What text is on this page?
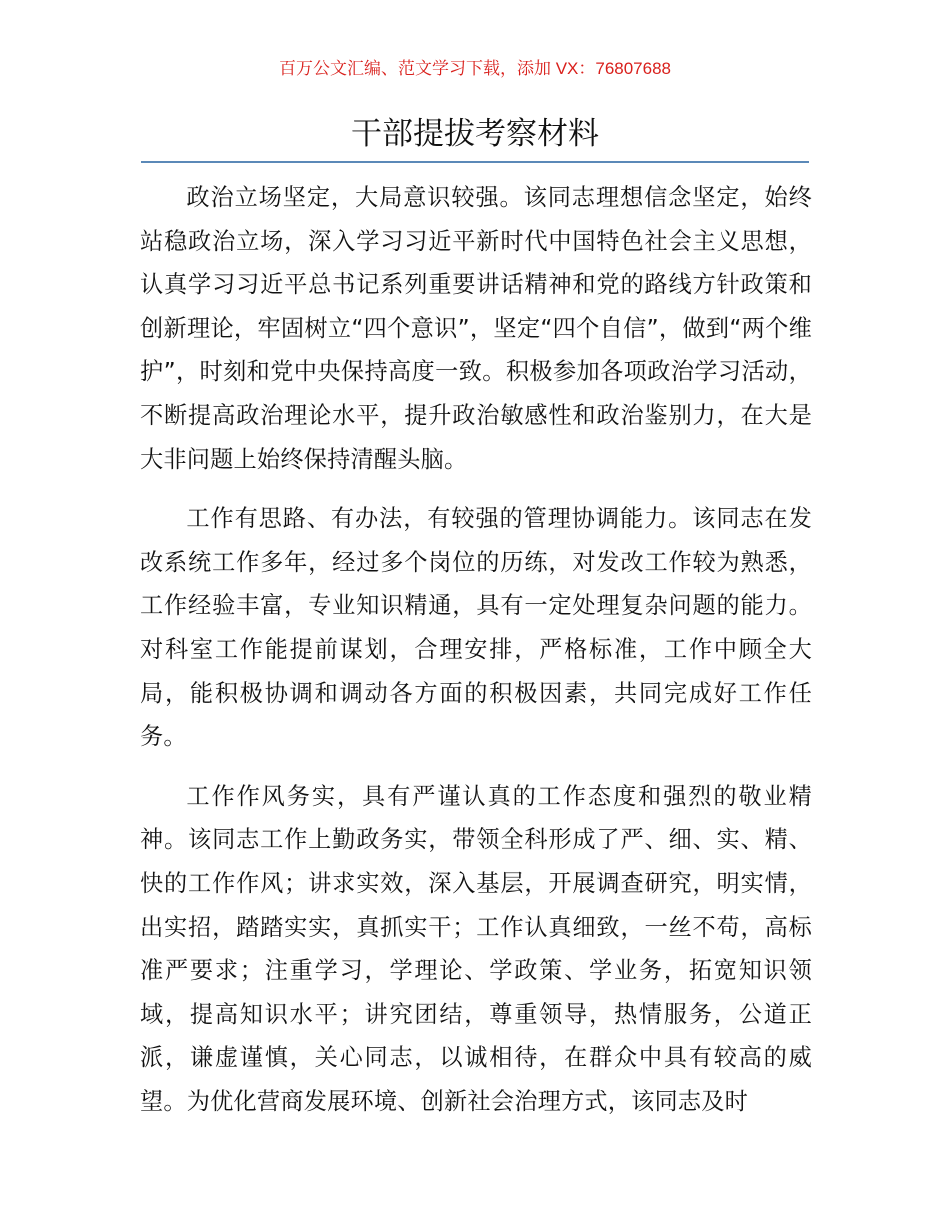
百万公文汇编、范文学习下载，添加 VX：76807688
干部提拔考察材料

政治立场坚定，大局意识较强。该同志理想信念坚定，始终站稳政治立场，深入学习习近平新时代中国特色社会主义思想，认真学习习近平总书记系列重要讲话精神和党的路线方针政策和创新理论，牢固树立“四个意识”，坚定“四个自信”，做到“两个维护”，时刻和党中央保持高度一致。积极参加各项政治学习活动，不断提高政治理论水平，提升政治敏感性和政治鉴别力，在大是大非问题上始终保持清醒头脑。

工作有思路、有办法，有较强的管理协调能力。该同志在发改系统工作多年，经过多个岗位的历练，对发改工作较为熟悉，工作经验丰富，专业知识精通，具有一定处理复杂问题的能力。对科室工作能提前谋划，合理安排，严格标准，工作中顾全大局，能积极协调和调动各方面的积极因素，共同完成好工作任务。

工作作风务实，具有严谨认真的工作态度和强烈的敬业精神。该同志工作上勤政务实，带领全科形成了严、细、实、精、快的工作作风；讲求实效，深入基层，开展调查研究，明实情，出实招，踏踏实实，真抓实干；工作认真细致，一丝不苟，高标准严要求；注重学习，学理论、学政策、学业务，拓宽知识领域，提高知识水平；讲究团结，尊重领导，热情服务，公道正派，谦虚谨慎，关心同志，以诚相待，在群众中具有较高的威望。为优化营商发展环境、创新社会治理方式，该同志及时
